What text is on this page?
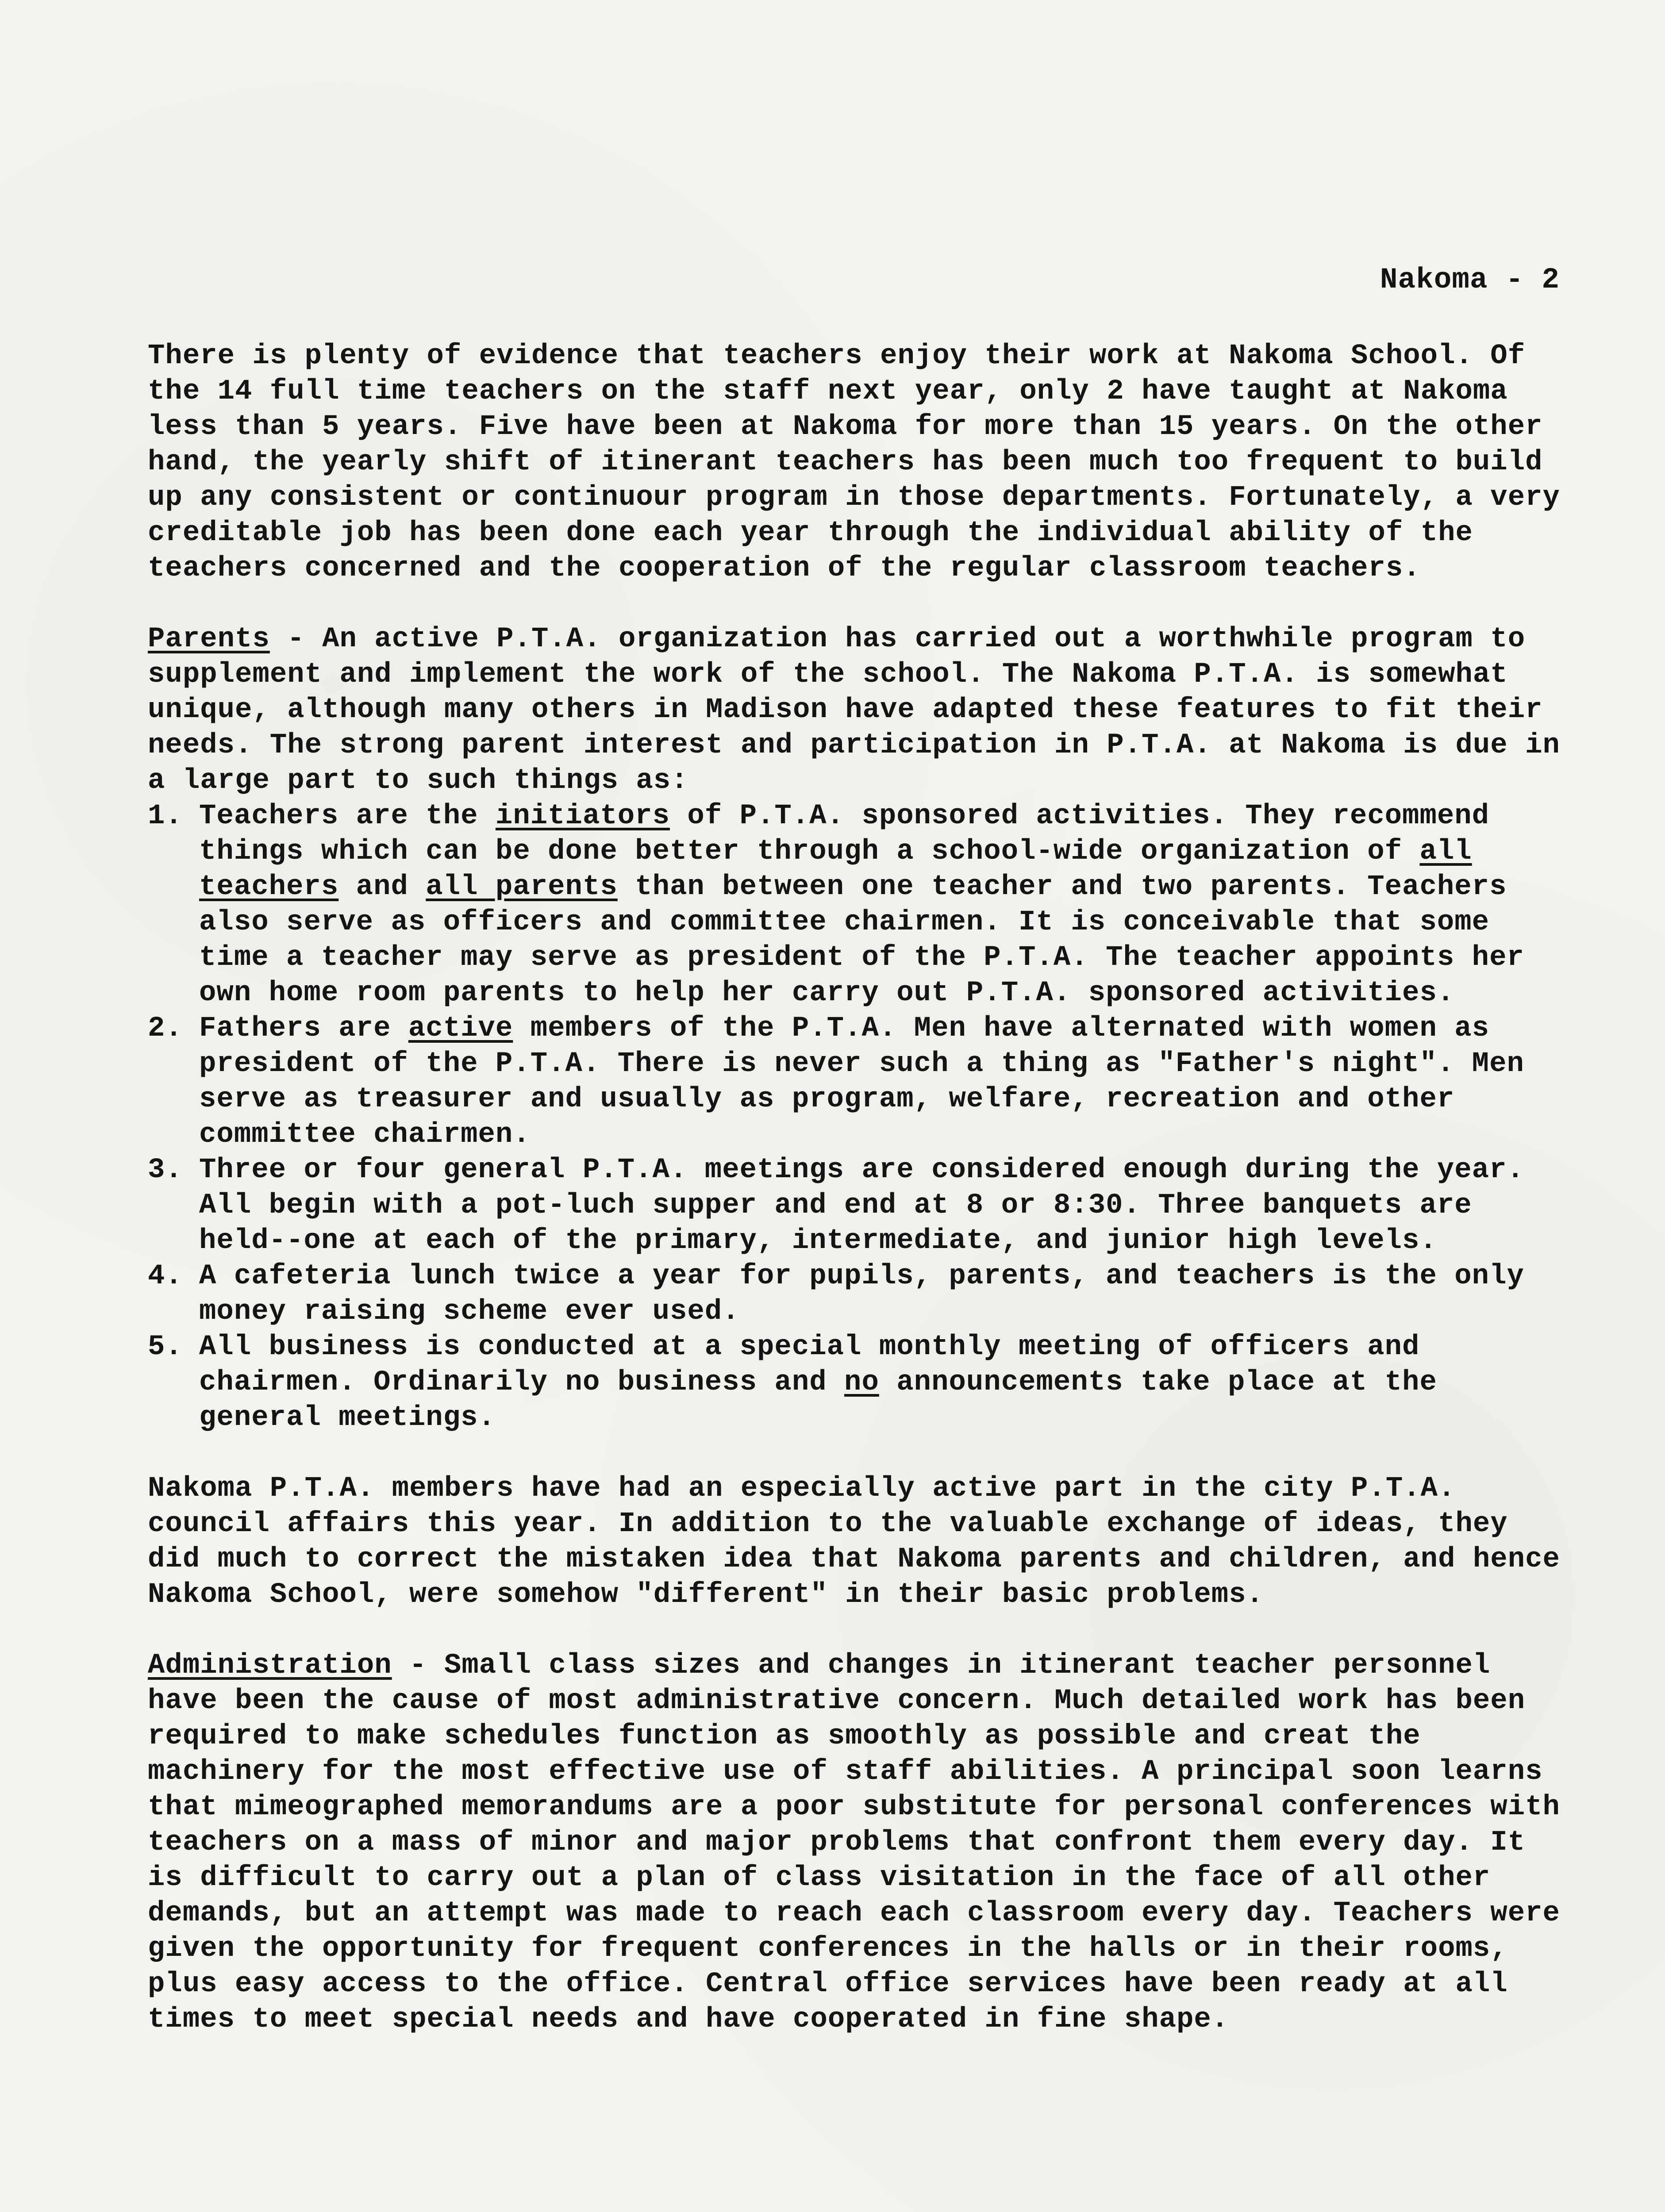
Nakoma - 2

There is plenty of evidence that teachers enjoy their work at Nakoma School. Of the 14 full time teachers on the staff next year, only 2 have taught at Nakoma less than 5 years. Five have been at Nakoma for more than 15 years. On the other hand, the yearly shift of itinerant teachers has been much too frequent to build up any consistent or continuour program in those departments. Fortunately, a very creditable job has been done each year through the individual ability of the teachers concerned and the cooperation of the regular classroom teachers.

Parents - An active P.T.A. organization has carried out a worthwhile program to supplement and implement the work of the school. The Nakoma P.T.A. is somewhat unique, although many others in Madison have adapted these features to fit their needs. The strong parent interest and participation in P.T.A. at Nakoma is due in a large part to such things as:

1. Teachers are the initiators of P.T.A. sponsored activities. They recommend things which can be done better through a school-wide organization of all teachers and all parents than between one teacher and two parents. Teachers also serve as officers and committee chairmen. It is conceivable that some time a teacher may serve as president of the P.T.A. The teacher appoints her own home room parents to help her carry out P.T.A. sponsored activities.
2. Fathers are active members of the P.T.A. Men have alternated with women as president of the P.T.A. There is never such a thing as "Father's night". Men serve as treasurer and usually as program, welfare, recreation and other committee chairmen.
3. Three or four general P.T.A. meetings are considered enough during the year. All begin with a pot-luch supper and end at 8 or 8:30. Three banquets are held--one at each of the primary, intermediate, and junior high levels.
4. A cafeteria lunch twice a year for pupils, parents, and teachers is the only money raising scheme ever used.
5. All business is conducted at a special monthly meeting of officers and chairmen. Ordinarily no business and no announcements take place at the general meetings.

Nakoma P.T.A. members have had an especially active part in the city P.T.A. council affairs this year. In addition to the valuable exchange of ideas, they did much to correct the mistaken idea that Nakoma parents and children, and hence Nakoma School, were somehow "different" in their basic problems.

Administration - Small class sizes and changes in itinerant teacher personnel have been the cause of most administrative concern. Much detailed work has been required to make schedules function as smoothly as possible and creat the machinery for the most effective use of staff abilities. A principal soon learns that mimeographed memorandums are a poor substitute for personal conferences with teachers on a mass of minor and major problems that confront them every day. It is difficult to carry out a plan of class visitation in the face of all other demands, but an attempt was made to reach each classroom every day. Teachers were given the opportunity for frequent conferences in the halls or in their rooms, plus easy access to the office. Central office services have been ready at all times to meet special needs and have cooperated in fine shape.
